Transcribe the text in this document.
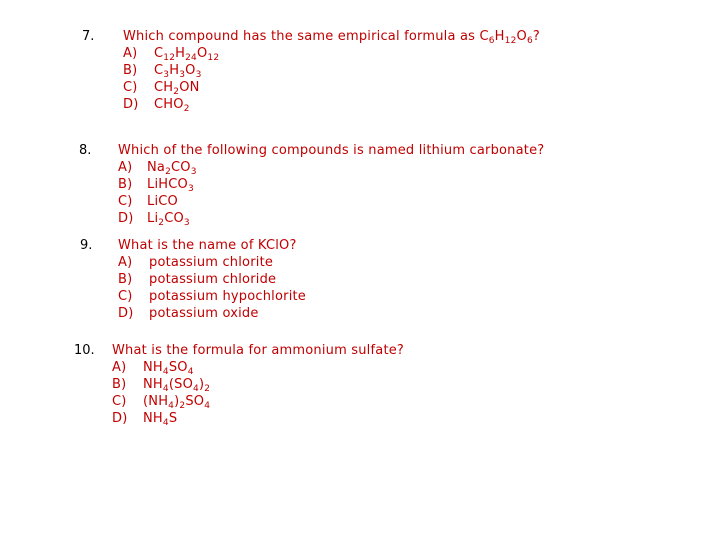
7. Which compound has the same empirical formula as $C_6H_{12}O_6$?
A)	$C_{12}H_{24}O_{12}$
B)	$C_3H_3O_3$
C)	$CH_2ON$
D)	$CHO_2$
8. Which of the following compounds is named lithium carbonate?
A)	$Na_2CO_3$
B)	LiHCO$_3$
C)	LiCO
D)	$Li_2CO_3$
9. What is the name of KClO?
A)	potassium chlorite
B)	potassium chloride
C)	potassium hypochlorite
D)	potassium oxide
10. What is the formula for ammonium sulfate?
A)	$NH_4SO_4$
B)	$NH_4(SO_4)_2$
C)	$(NH_4)_2SO_4$
D)	$NH_4S$
